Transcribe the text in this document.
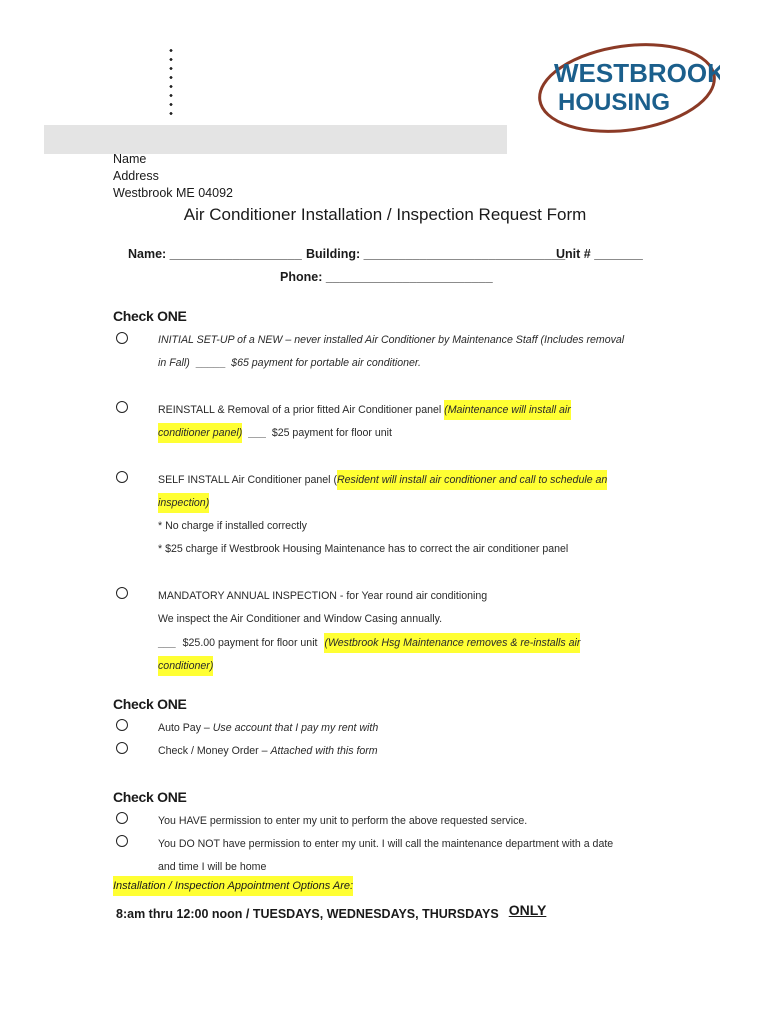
WESTBROOK
HOUSING
Name
Address
Westbrook ME 04092
Air Conditioner Installation / Inspection Request Form
Name: ___________________ Building: _____________________________
Unit # _______
Phone: ________________________
Check ONE
INITIAL SET-UP of a NEW – never installed Air Conditioner by Maintenance Staff (Includes removal
in Fall) _____ $65 payment for portable air conditioner.
REINSTALL & Removal of a prior fitted Air Conditioner panel (Maintenance will install air
conditioner panel) ___ $25 payment for floor unit
SELF INSTALL Air Conditioner panel (Resident will install air conditioner and call to schedule an
inspection)
* No charge if installed correctly
* $25 charge if Westbrook Housing Maintenance has to correct the air conditioner panel
MANDATORY ANNUAL INSPECTION - for Year round air conditioning
We inspect the Air Conditioner and Window Casing annually.
___ $25.00 payment for floor unit (Westbrook Hsg Maintenance removes & re-installs air
conditioner)
Check ONE
Auto Pay – Use account that I pay my rent with
Check / Money Order – Attached with this form
Check ONE
You HAVE permission to enter my unit to perform the above requested service.
You DO NOT have permission to enter my unit. I will call the maintenance department with a date
and time I will be home
Installation / Inspection Appointment Options Are:
8:am thru 12:00 noon / TUESDAYS, WEDNESDAYS, THURSDAYS ONLY
